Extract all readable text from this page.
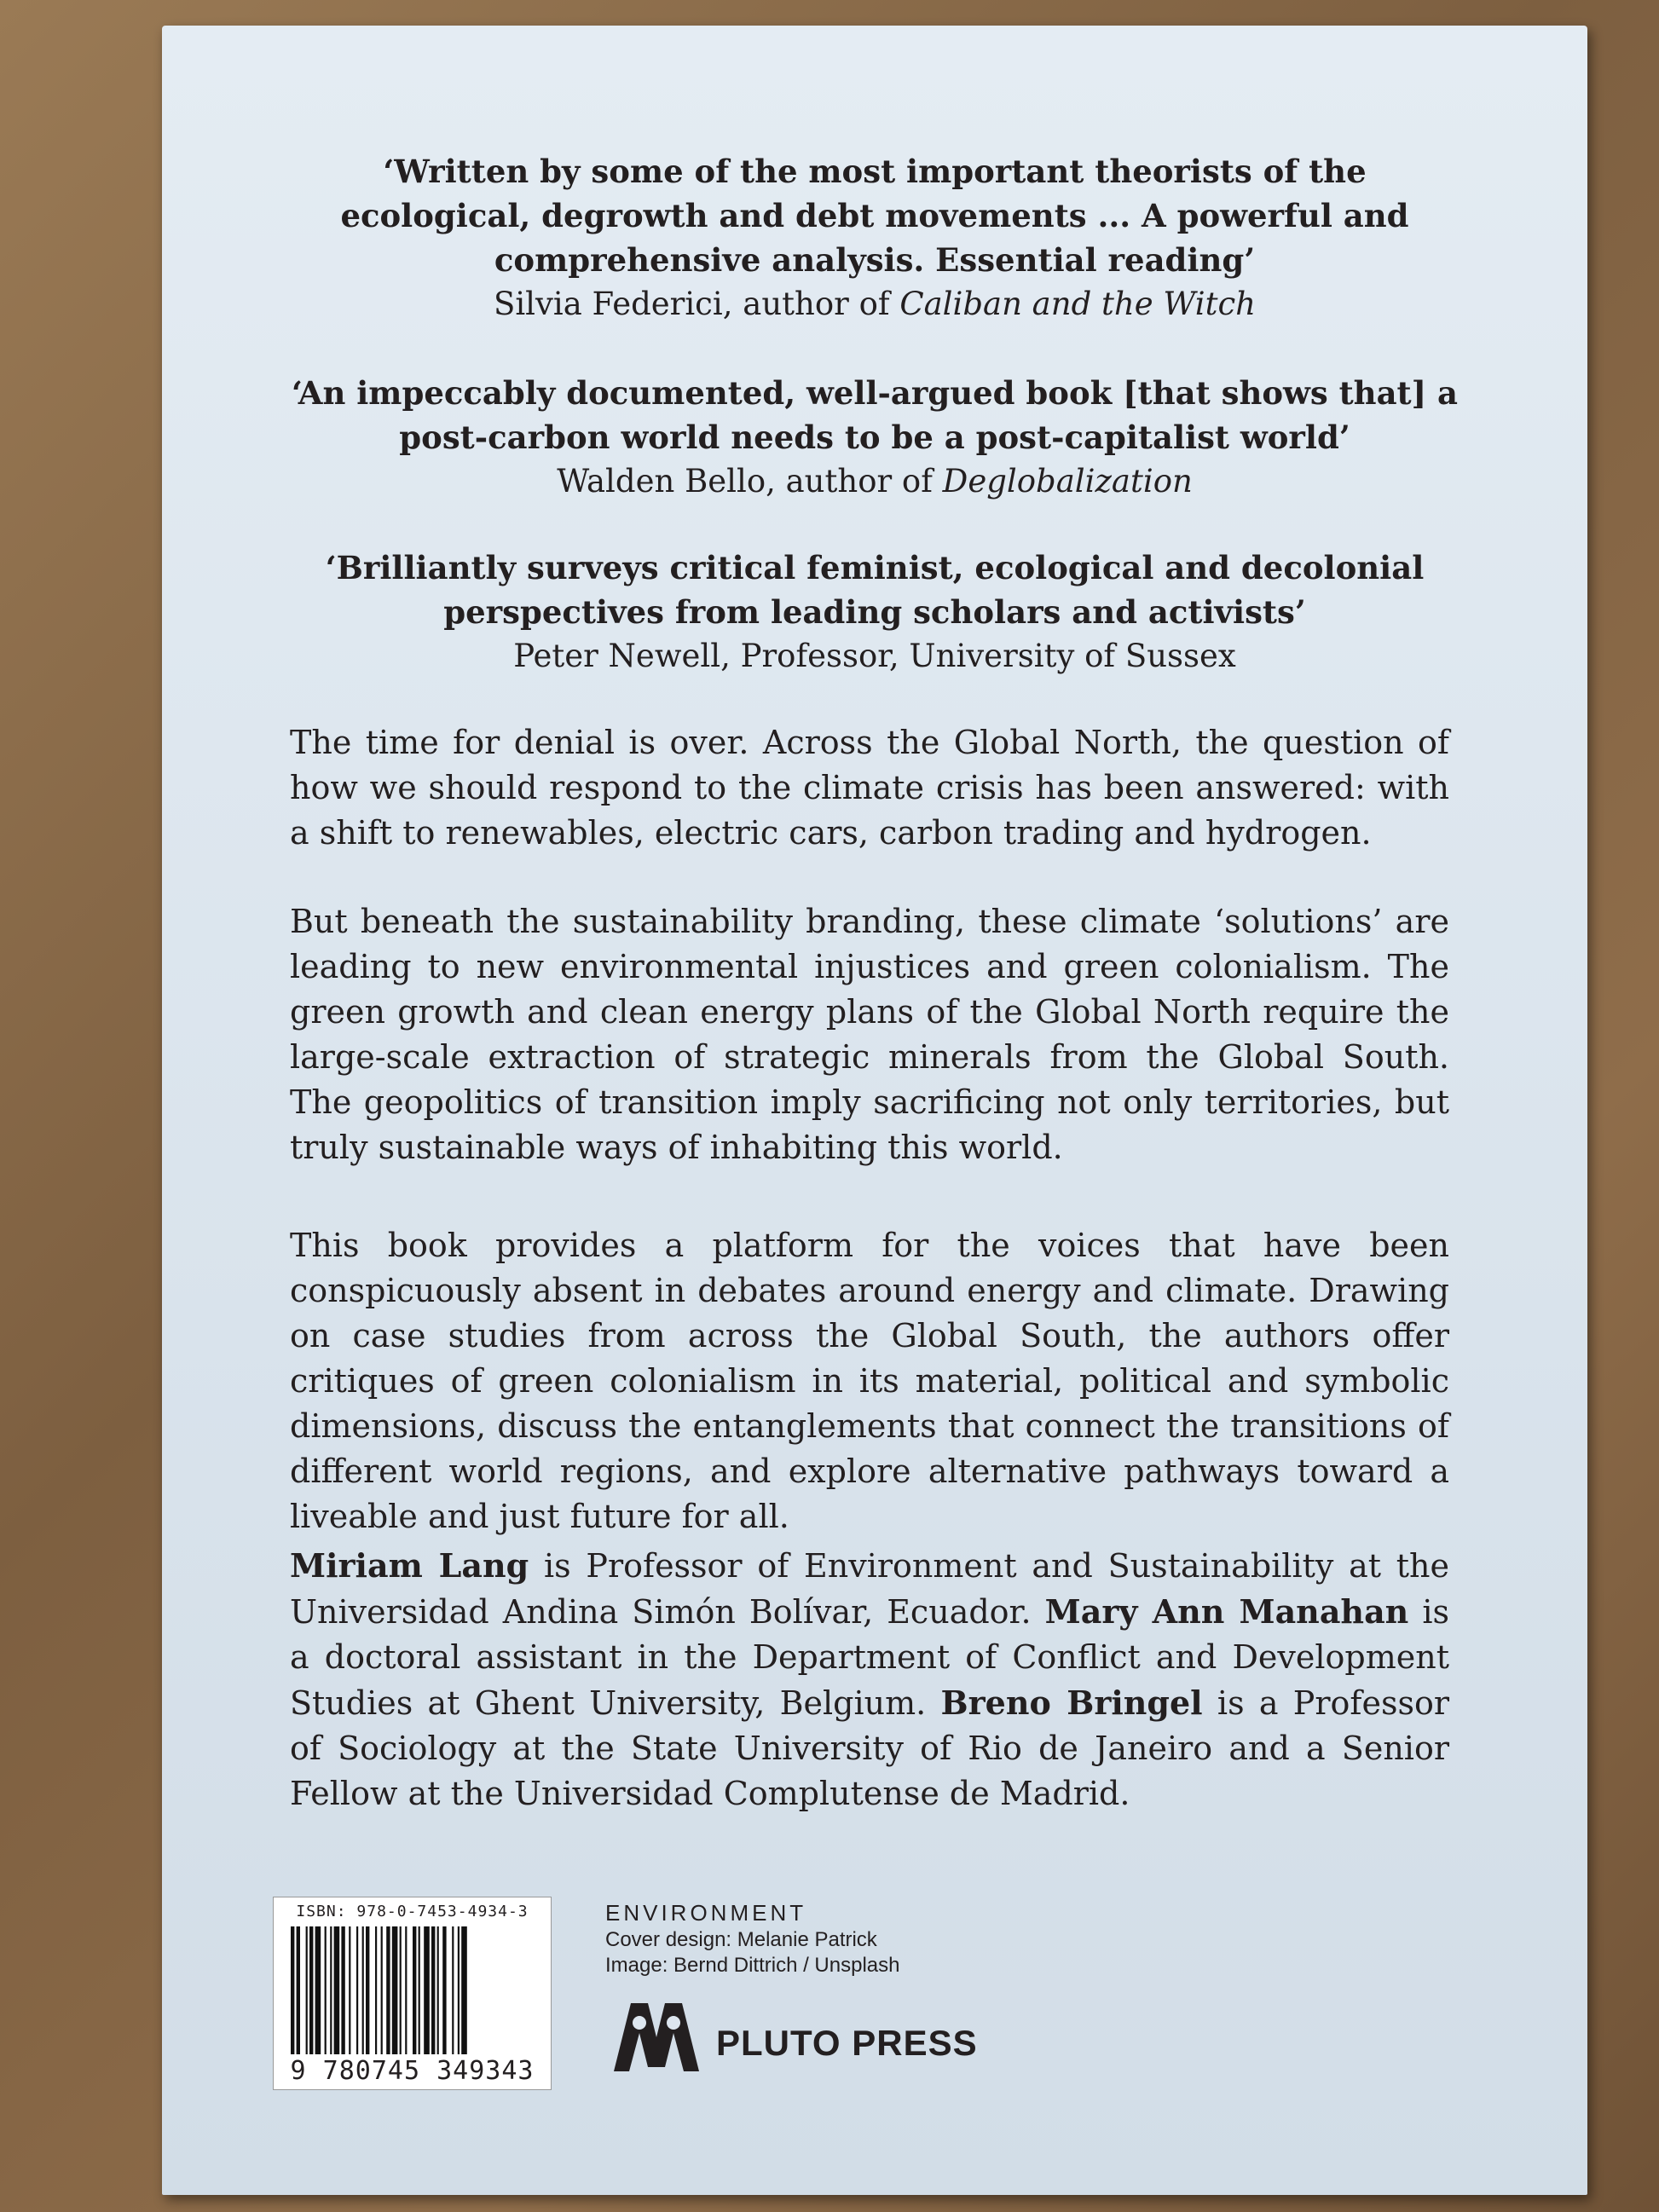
‘Written by some of the most important theorists of the
ecological, degrowth and debt movements ... A powerful and
comprehensive analysis. Essential reading’
Silvia Federici, author of Caliban and the Witch
‘An impeccably documented, well-argued book [that shows that] a
post-carbon world needs to be a post-capitalist world’
Walden Bello, author of Deglobalization
‘Brilliantly surveys critical feminist, ecological and decolonial
perspectives from leading scholars and activists’
Peter Newell, Professor, University of Sussex

The time for denial is over. Across the Global North, the question of how we should respond to the climate crisis has been answered: with a shift to renewables, electric cars, carbon trading and hydrogen.

But beneath the sustainability branding, these climate ‘solutions’ are leading to new environmental injustices and green colonialism. The green growth and clean energy plans of the Global North require the large-scale extraction of strategic minerals from the Global South. The geopolitics of transition imply sacrificing not only territories, but truly sustainable ways of inhabiting this world.

This book provides a platform for the voices that have been conspicuously absent in debates around energy and climate. Drawing on case studies from across the Global South, the authors offer critiques of green colonialism in its material, political and symbolic dimensions, discuss the entanglements that connect the transitions of different world regions, and explore alternative pathways toward a liveable and just future for all.

Miriam Lang is Professor of Environment and Sustainability at the Universidad Andina Simón Bolívar, Ecuador. Mary Ann Manahan is a doctoral assistant in the Department of Conflict and Development Studies at Ghent University, Belgium. Breno Bringel is a Professor of Sociology at the State University of Rio de Janeiro and a Senior Fellow at the Universidad Complutense de Madrid.

ISBN: 978-0-7453-4934-3
9 780745 349343
ENVIRONMENT
Cover design: Melanie Patrick
Image: Bernd Dittrich / Unsplash
PLUTO PRESS
